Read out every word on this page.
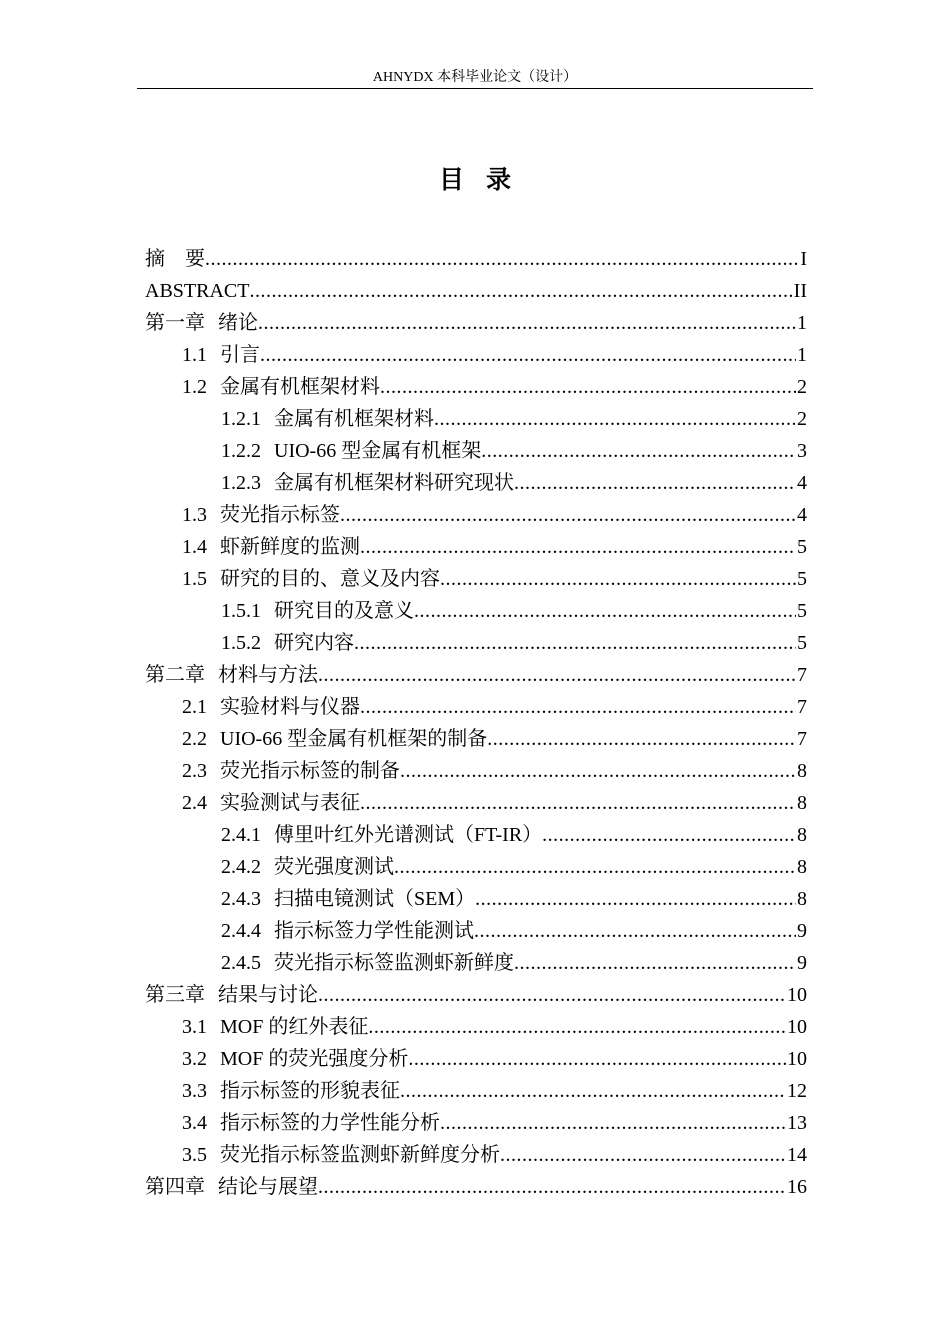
AHNYDX 本科毕业论文（设计）
目录
摘　要 .....	I
ABSTRACT .....	II
第一章 绪论 .....	1
1.1 引言 .....	1
1.2 金属有机框架材料 .....	2
1.2.1 金属有机框架材料 .....	2
1.2.2 UIO-66 型金属有机框架 .....	3
1.2.3 金属有机框架材料研究现状 .....	4
1.3 荧光指示标签 .....	4
1.4 虾新鲜度的监测 .....	5
1.5 研究的目的、意义及内容 .....	5
1.5.1 研究目的及意义 .....	5
1.5.2 研究内容 .....	5
第二章 材料与方法 .....	7
2.1 实验材料与仪器 .....	7
2.2 UIO-66 型金属有机框架的制备 .....	7
2.3 荧光指示标签的制备 .....	8
2.4 实验测试与表征 .....	8
2.4.1 傅里叶红外光谱测试（FT-IR） .....	8
2.4.2 荧光强度测试 .....	8
2.4.3 扫描电镜测试（SEM） .....	8
2.4.4 指示标签力学性能测试 .....	9
2.4.5 荧光指示标签监测虾新鲜度 .....	9
第三章 结果与讨论 .....	10
3.1 MOF 的红外表征 .....	10
3.2 MOF 的荧光强度分析 .....	10
3.3 指示标签的形貌表征 .....	12
3.4 指示标签的力学性能分析 .....	13
3.5 荧光指示标签监测虾新鲜度分析 .....	14
第四章 结论与展望 .....	16
